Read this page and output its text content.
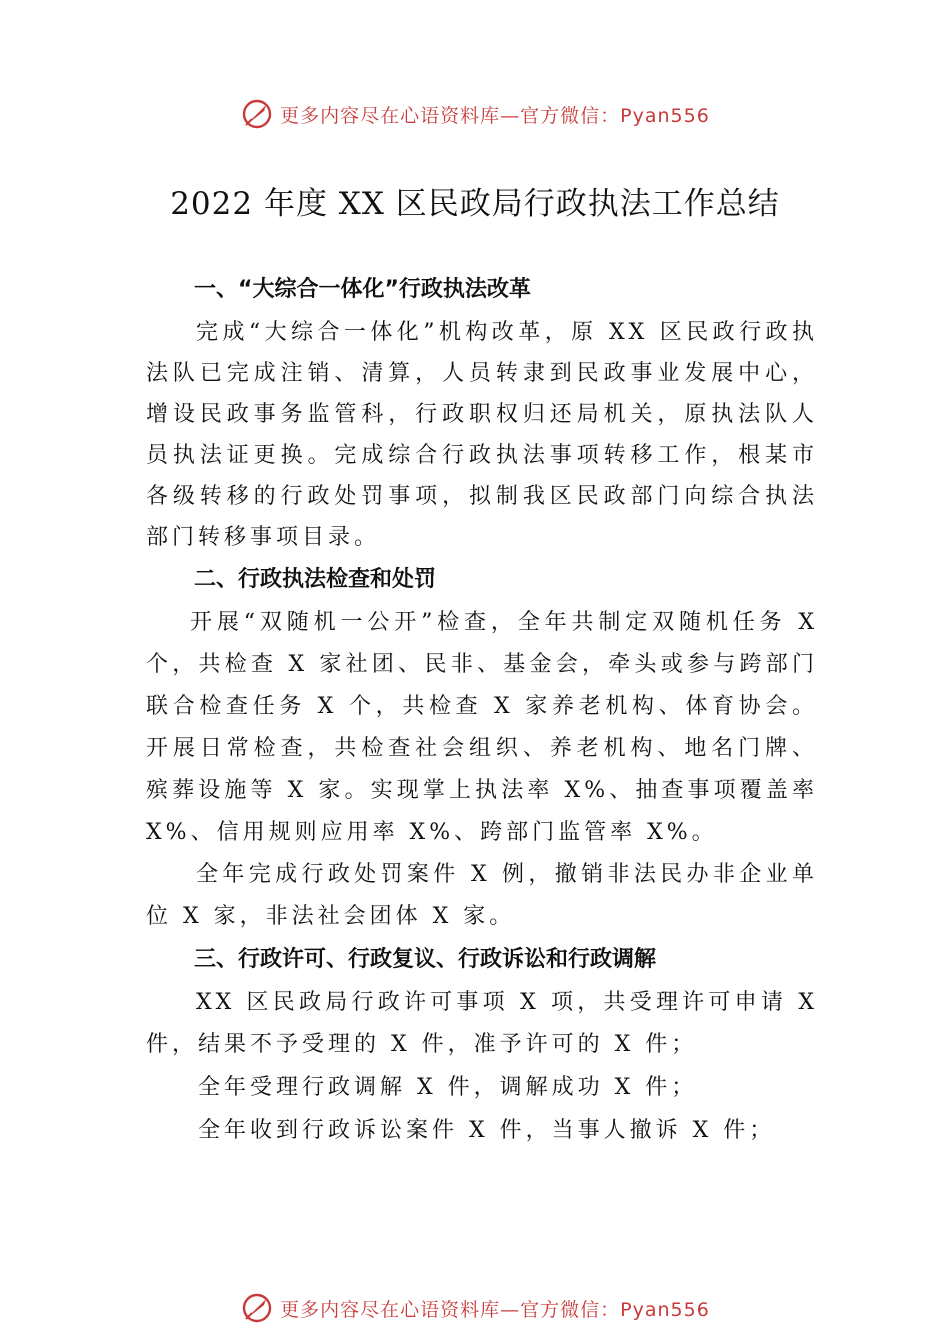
更多内容尽在心语资料库—官方微信：Pyan556
2022 年度 XX 区民政局行政执法工作总结
一、“大综合一体化”行政执法改革

完成“大综合一体化”机构改革，原 XX 区民政行政执法队已完成注销、清算，人员转隶到民政事业发展中心，增设民政事务监管科，行政职权归还局机关，原执法队人员执法证更换。完成综合行政执法事项转移工作，根某市各级转移的行政处罚事项，拟制我区民政部门向综合执法部门转移事项目录。

二、行政执法检查和处罚

开展“双随机一公开”检查，全年共制定双随机任务 X 个，共检查 X 家社团、民非、基金会，牵头或参与跨部门联合检查任务 X 个，共检查 X 家养老机构、体育协会。开展日常检查，共检查社会组织、养老机构、地名门牌、殡葬设施等 X 家。实现掌上执法率 X%、抽查事项覆盖率 X%、信用规则应用率 X%、跨部门监管率 X%。

全年完成行政处罚案件 X 例，撤销非法民办非企业单位 X 家，非法社会团体 X 家。

三、行政许可、行政复议、行政诉讼和行政调解

XX 区民政局行政许可事项 X 项，共受理许可申请 X 件，结果不予受理的 X 件，准予许可的 X 件；

全年受理行政调解 X 件，调解成功 X 件；
全年收到行政诉讼案件 X 件，当事人撤诉 X 件；
更多内容尽在心语资料库—官方微信：Pyan556
